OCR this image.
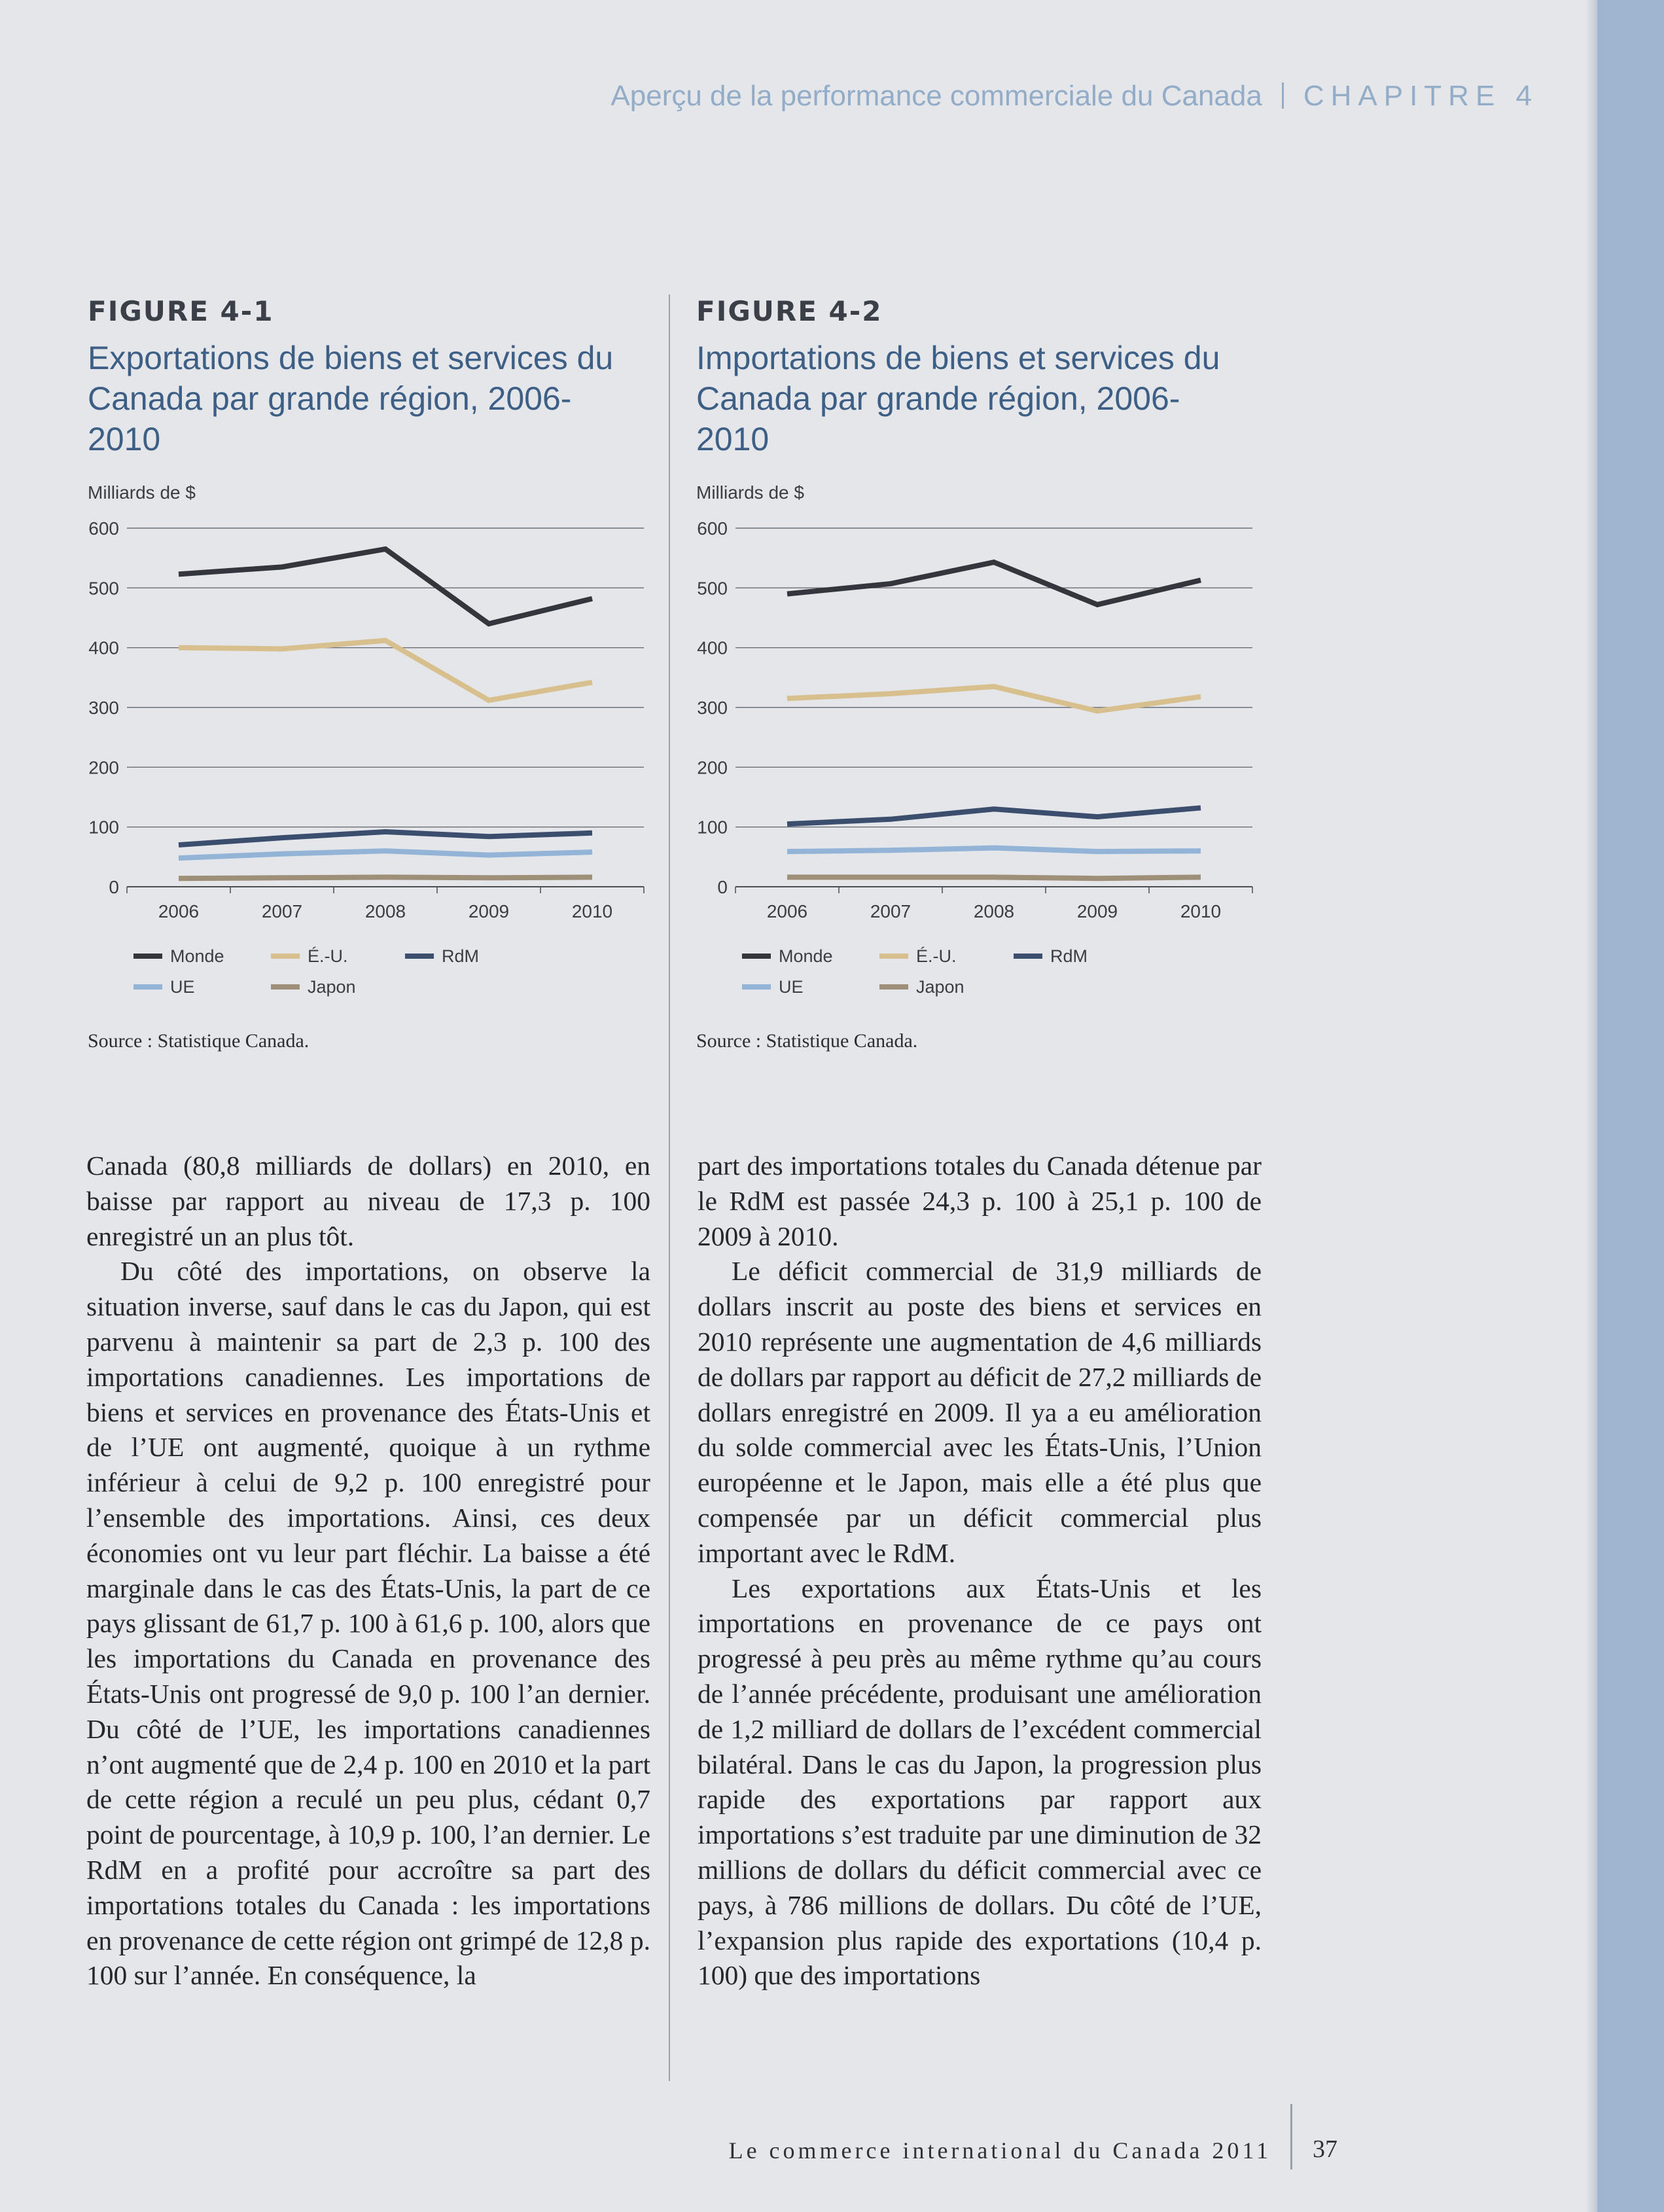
Aperçu de la performance commerciale du Canada CHAPITRE 4

FIGURE 4-1

Exportations de biens et services du Canada par grande région, 2006-2010

Milliards de $
0
100
200
300
400
500
600
2006	2007	2008	2009	2010
Monde	É.-U.	RdM
UE	Japon
Source : Statistique Canada.

FIGURE 4-2

Importations de biens et services du Canada par grande région, 2006-2010

Milliards de $
0
100
200
300
400
500
600
2006	2007	2008	2009	2010
Monde	É.-U.	RdM
UE	Japon
Source : Statistique Canada.

Canada (80,8 milliards de dollars) en 2010, en baisse par rapport au niveau de 17,3 p. 100 enregistré un an plus tôt.

Du côté des importations, on observe la situation inverse, sauf dans le cas du Japon, qui est parvenu à maintenir sa part de 2,3 p. 100 des importations canadiennes. Les importations de biens et services en provenance des États-Unis et de l’UE ont augmenté, quoique à un rythme inférieur à celui de 9,2 p. 100 enregistré pour l’ensemble des importations. Ainsi, ces deux économies ont vu leur part fléchir. La baisse a été marginale dans le cas des États-Unis, la part de ce pays glissant de 61,7 p. 100 à 61,6 p. 100, alors que les importations du Canada en provenance des États-Unis ont progressé de 9,0 p. 100 l’an dernier. Du côté de l’UE, les importations canadiennes n’ont augmenté que de 2,4 p. 100 en 2010 et la part de cette région a reculé un peu plus, cédant 0,7 point de pourcentage, à 10,9 p. 100, l’an dernier. Le RdM en a profité pour accroître sa part des importations totales du Canada : les importations en provenance de cette région ont grimpé de 12,8 p. 100 sur l’année. En conséquence, la

part des importations totales du Canada détenue par le RdM est passée 24,3 p. 100 à 25,1 p. 100 de 2009 à 2010.

Le déficit commercial de 31,9 milliards de dollars inscrit au poste des biens et services en 2010 représente une augmentation de 4,6 milliards de dollars par rapport au déficit de 27,2 milliards de dollars enregistré en 2009. Il ya a eu amélioration du solde commercial avec les États-Unis, l’Union européenne et le Japon, mais elle a été plus que compensée par un déficit commercial plus important avec le RdM.

Les exportations aux États-Unis et les importations en provenance de ce pays ont progressé à peu près au même rythme qu’au cours de l’année précédente, produisant une amélioration de 1,2 milliard de dollars de l’excédent commercial bilatéral. Dans le cas du Japon, la progression plus rapide des exportations par rapport aux importations s’est traduite par une diminution de 32 millions de dollars du déficit commercial avec ce pays, à 786 millions de dollars. Du côté de l’UE, l’expansion plus rapide des exportations (10,4 p. 100) que des importations

Le commerce international du Canada 2011 37
